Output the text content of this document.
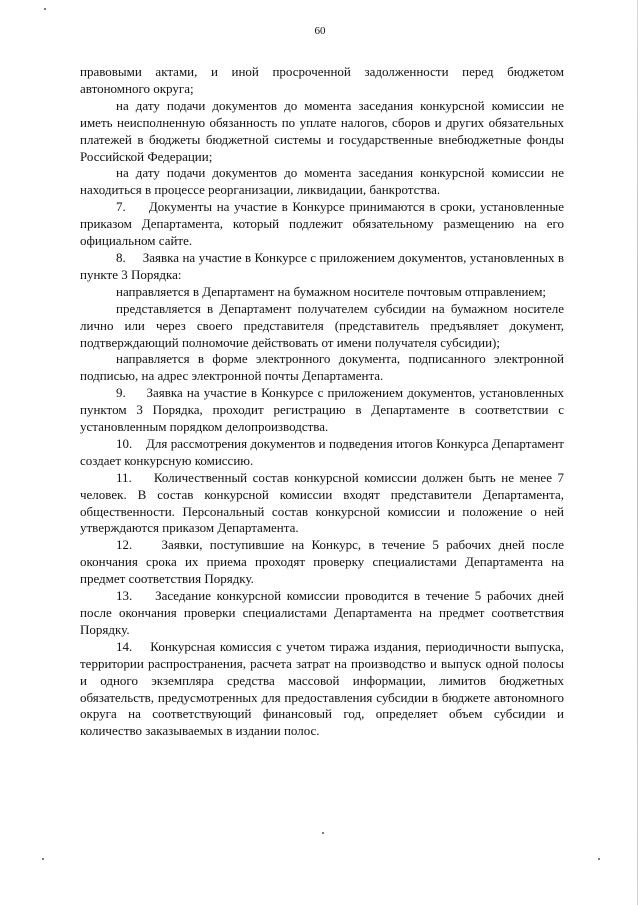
60

правовыми актами, и иной просроченной задолженности перед бюджетом автономного округа;

на дату подачи документов до момента заседания конкурсной комиссии не иметь неисполненную обязанность по уплате налогов, сборов и других обязательных платежей в бюджеты бюджетной системы и государственные внебюджетные фонды Российской Федерации;

на дату подачи документов до момента заседания конкурсной комиссии не находиться в процессе реорганизации, ликвидации, банкротства.

7.     Документы на участие в Конкурсе принимаются в сроки, установленные приказом Департамента, который подлежит обязательному размещению на его официальном сайте.

8.     Заявка на участие в Конкурсе с приложением документов, установленных в пункте 3 Порядка:

направляется в Департамент на бумажном носителе почтовым отправлением;

представляется в Департамент получателем субсидии на бумажном носителе лично или через своего представителя (представитель предъявляет документ, подтверждающий полномочие действовать от имени получателя субсидии);

направляется в форме электронного документа, подписанного электронной подписью, на адрес электронной почты Департамента.

9.     Заявка на участие в Конкурсе с приложением документов, установленных пунктом 3 Порядка, проходит регистрацию в Департаменте в соответствии с установленным порядком делопроизводства.

10.    Для рассмотрения документов и подведения итогов Конкурса Департамент создает конкурсную комиссию.

11.    Количественный состав конкурсной комиссии должен быть не менее 7 человек. В состав конкурсной комиссии входят представители Департамента, общественности. Персональный состав конкурсной комиссии и положение о ней утверждаются приказом Департамента.

12.    Заявки, поступившие на Конкурс, в течение 5 рабочих дней после окончания срока их приема проходят проверку специалистами Департамента на предмет соответствия Порядку.

13.    Заседание конкурсной комиссии проводится в течение 5 рабочих дней после окончания проверки специалистами Департамента на предмет соответствия Порядку.

14.    Конкурсная комиссия с учетом тиража издания, периодичности выпуска, территории распространения, расчета затрат на производство и выпуск одной полосы и одного экземпляра средства массовой информации, лимитов бюджетных обязательств, предусмотренных для предоставления субсидии в бюджете автономного округа на соответствующий финансовый год, определяет объем субсидии и количество заказываемых в издании полос.
